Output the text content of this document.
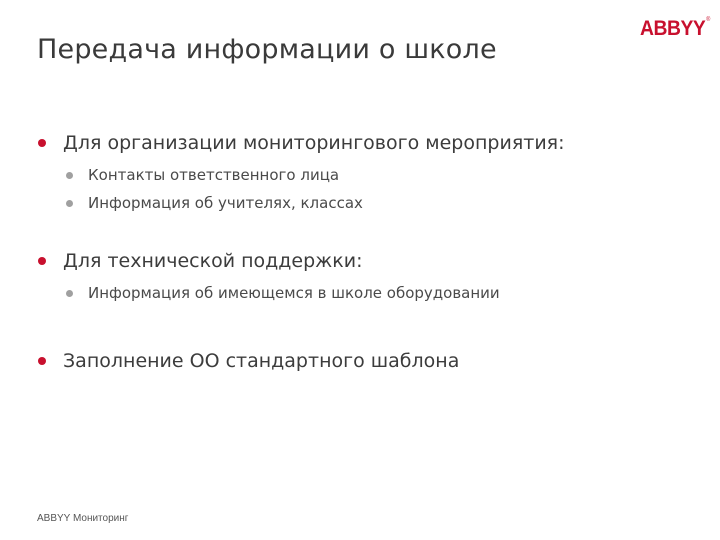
Передача информации о школе
ABBYY®
Для организации мониторингового мероприятия:
Контакты ответственного лица
Информация об учителях, классах
Для технической поддержки:
Информация об имеющемся в школе оборудовании
Заполнение ОО стандартного шаблона
ABBYY Мониторинг
